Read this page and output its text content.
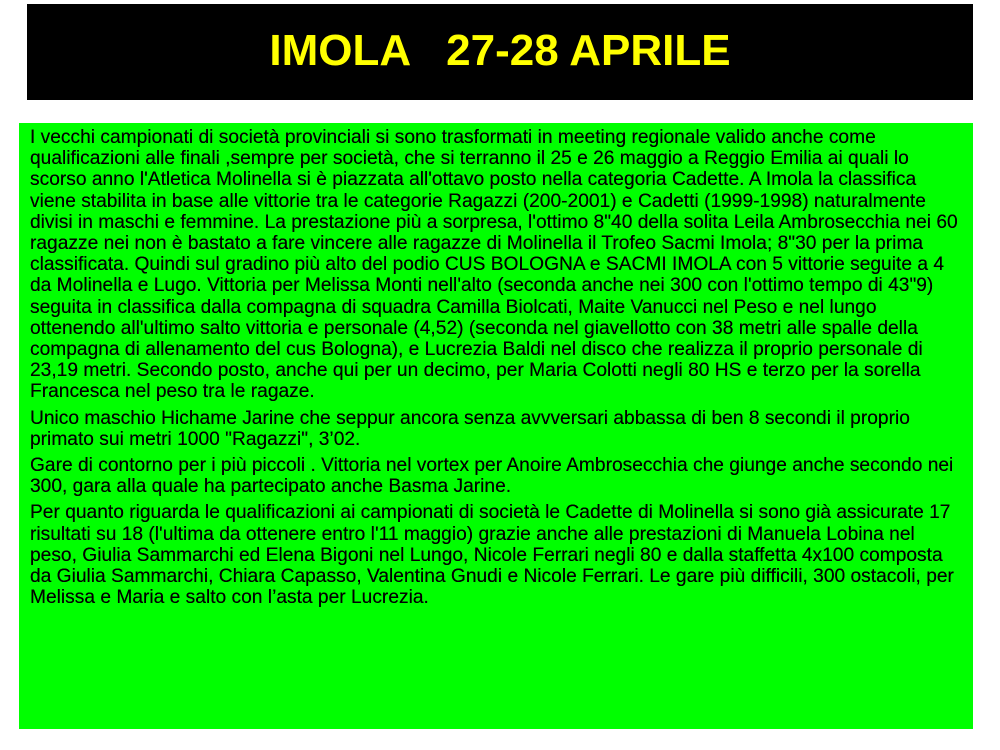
IMOLA   27-28 APRILE

I vecchi campionati di società provinciali si sono trasformati in meeting regionale valido anche come qualificazioni alle finali ,sempre per società, che si terranno il 25 e 26 maggio a Reggio Emilia ai quali lo scorso anno l'Atletica Molinella si è piazzata all'ottavo posto nella categoria Cadette. A Imola la classifica viene stabilita in base alle vittorie tra le categorie Ragazzi (200-2001) e Cadetti (1999-1998) naturalmente divisi in maschi e femmine. La prestazione più a sorpresa, l'ottimo 8"40 della solita Leila Ambrosecchia nei 60 ragazze nei non è bastato a fare vincere alle ragazze di Molinella il Trofeo Sacmi Imola; 8"30 per la prima classificata. Quindi sul gradino più alto del podio CUS BOLOGNA e SACMI IMOLA con 5 vittorie seguite a 4 da Molinella e Lugo. Vittoria per Melissa Monti nell'alto (seconda anche nei 300 con l'ottimo tempo di 43"9) seguita in classifica dalla compagna di squadra Camilla Biolcati, Maite Vanucci nel Peso e nel lungo ottenendo all'ultimo salto vittoria e personale (4,52) (seconda nel giavellotto con 38 metri alle spalle della compagna di allenamento del cus Bologna), e Lucrezia Baldi nel disco che realizza il proprio personale di 23,19 metri. Secondo posto, anche qui per un decimo, per Maria Colotti negli 80 HS e terzo per la sorella Francesca nel peso tra le ragaze.

Unico maschio Hichame Jarine che seppur ancora senza avvversari abbassa di ben 8 secondi il proprio primato sui metri 1000 "Ragazzi", 3’02.

Gare di contorno per i più piccoli . Vittoria nel vortex per Anoire Ambrosecchia che giunge anche secondo nei 300, gara alla quale ha partecipato anche Basma Jarine.

Per quanto riguarda le qualificazioni ai campionati di società le Cadette di Molinella si sono già assicurate 17 risultati su 18 (l'ultima da ottenere entro l'11 maggio) grazie anche alle prestazioni di Manuela Lobina nel peso, Giulia Sammarchi ed Elena Bigoni nel Lungo, Nicole Ferrari negli 80 e dalla staffetta 4x100 composta da Giulia Sammarchi, Chiara Capasso, Valentina Gnudi e Nicole Ferrari. Le gare più difficili, 300 ostacoli, per Melissa e Maria e salto con l’asta per Lucrezia.
